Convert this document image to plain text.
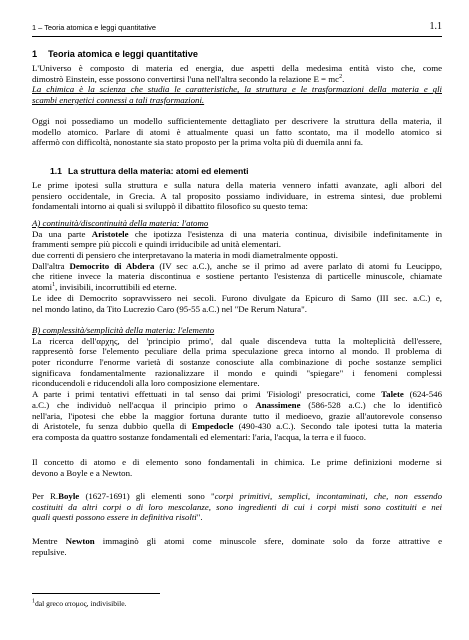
1 – Teoria atomica e leggi quantitative	1.1
1 Teoria atomica e leggi quantitative
L'Universo è composto di materia ed energia, due aspetti della medesima entità visto che, come
dimostrò Einstein, esse possono convertirsi l'una nell'altra secondo la relazione $E = mc^2$.
La chimica è la scienza che studia le caratteristiche, la struttura e le trasformazioni della materia e gli
scambi energetici connessi a tali trasformazioni.
Oggi noi possediamo un modello sufficientemente dettagliato per descrivere la struttura della materia, il
modello atomico. Parlare di atomi è attualmente quasi un fatto scontato, ma il modello atomico si
affermò con difficoltà, nonostante sia stato proposto per la prima volta più di duemila anni fa.
1.1 La struttura della materia: atomi ed elementi
Le prime ipotesi sulla struttura e sulla natura della materia vennero infatti avanzate, agli albori del
pensiero occidentale, in Grecia. A tal proposito possiamo individuare, in estrema sintesi, due problemi
fondamentali intorno ai quali si sviluppò il dibattito filosofico su questo tema:
A) continuità/discontinuità della materia: l'atomo
Da una parte Aristotele che ipotizza l'esistenza di una materia continua, divisibile indefinitamente in
frammenti sempre più piccoli e quindi irriducibile ad unità elementari.
due correnti di pensiero che interpretavano la materia in modi diametralmente opposti.
Dall'altra Democrito di Abdera (IV sec a.C.), anche se il primo ad avere parlato di atomi fu Leucippo,
che ritiene invece la materia discontinua e sostiene pertanto l'esistenza di particelle minuscole, chiamate
atomi$^1$, invisibili, incorruttibili ed eterne.
Le idee di Democrito sopravvissero nei secoli. Furono divulgate da Epicuro di Samo (III sec. a.C.) e,
nel mondo latino, da Tito Lucrezio Caro (95-55 a.C.) nel "De Rerum Natura".
B) complessità/semplicità della materia: l'elemento
La ricerca dell'αρχης, del 'principio primo', dal quale discendeva tutta la molteplicità dell'essere,
rappresentò forse l'elemento peculiare della prima speculazione greca intorno al mondo. Il problema di
poter ricondurre l'enorme varietà di sostanze conosciute alla combinazione di poche sostanze semplici
significava fondamentalmente razionalizzare il mondo e quindi "spiegare" i fenomeni complessi
riconducendoli e riducendoli alla loro composizione elementare.
A parte i primi tentativi effettuati in tal senso dai primi 'Fisiologi' presocratici, come Talete (624-546
a.C.) che individuò nell'acqua il principio primo o Anassimene (586-528 a.C.) che lo identificò
nell'aria, l'ipotesi che ebbe la maggior fortuna durante tutto il medioevo, grazie all'autorevole consenso
di Aristotele, fu senza dubbio quella di Empedocle (490-430 a.C.). Secondo tale ipotesi tutta la materia
era composta da quattro sostanze fondamentali ed elementari: l'aria, l'acqua, la terra e il fuoco.
Il concetto di atomo e di elemento sono fondamentali in chimica. Le prime definizioni moderne si
devono a Boyle e a Newton.
Per R.Boyle (1627-1691) gli elementi sono "corpi primitivi, semplici, incontaminati, che, non essendo
costituiti da altri corpi o di loro mescolanze, sono ingredienti di cui i corpi misti sono costituiti e nei
quali questi possono essere in definitiva risolti".
Mentre Newton immaginò gli atomi come minuscole sfere, dominate solo da forze attrattive e
repulsive.
$^1$dal greco ατομος, indivisibile.
